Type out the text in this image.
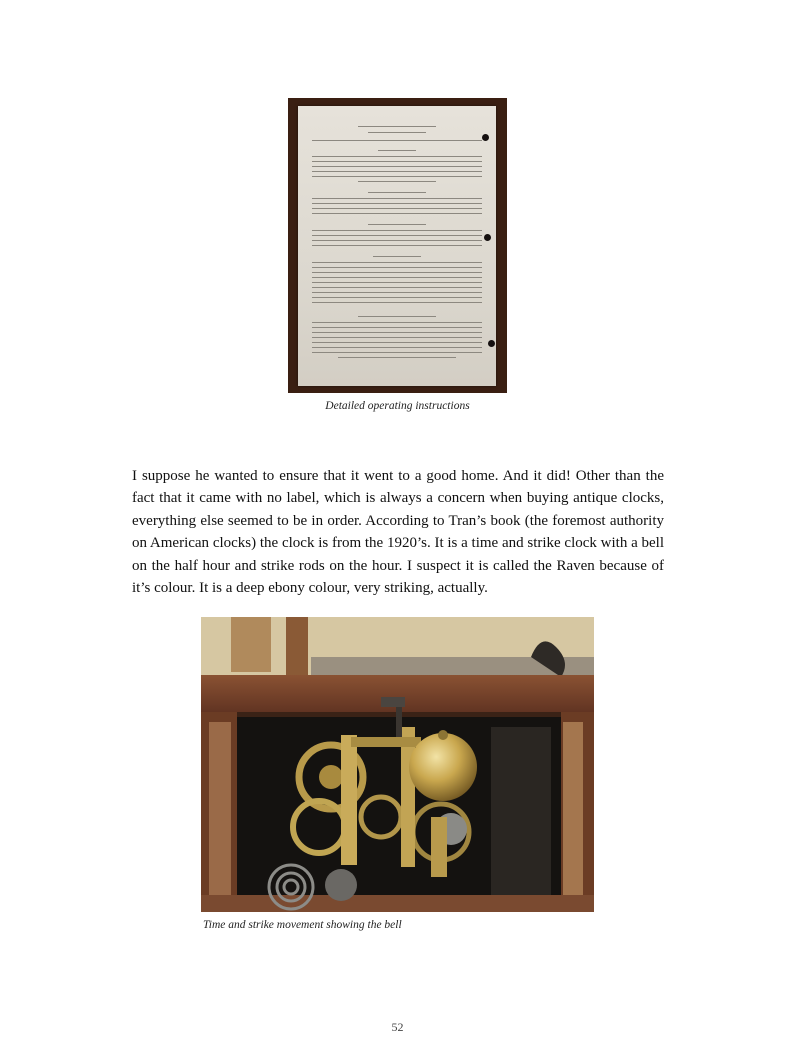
Detailed operating instructions

I suppose he wanted to ensure that it went to a good home. And it did! Other than the fact that it came with no label, which is always a concern when buying antique clocks, everything else seemed to be in order. According to Tran’s book (the foremost authority on American clocks) the clock is from the 1920’s. It is a time and strike clock with a bell on the half hour and strike rods on the hour. I suspect it is called the Raven because of it’s colour. It is a deep ebony colour, very striking, actually.

Time and strike movement showing the bell
52
